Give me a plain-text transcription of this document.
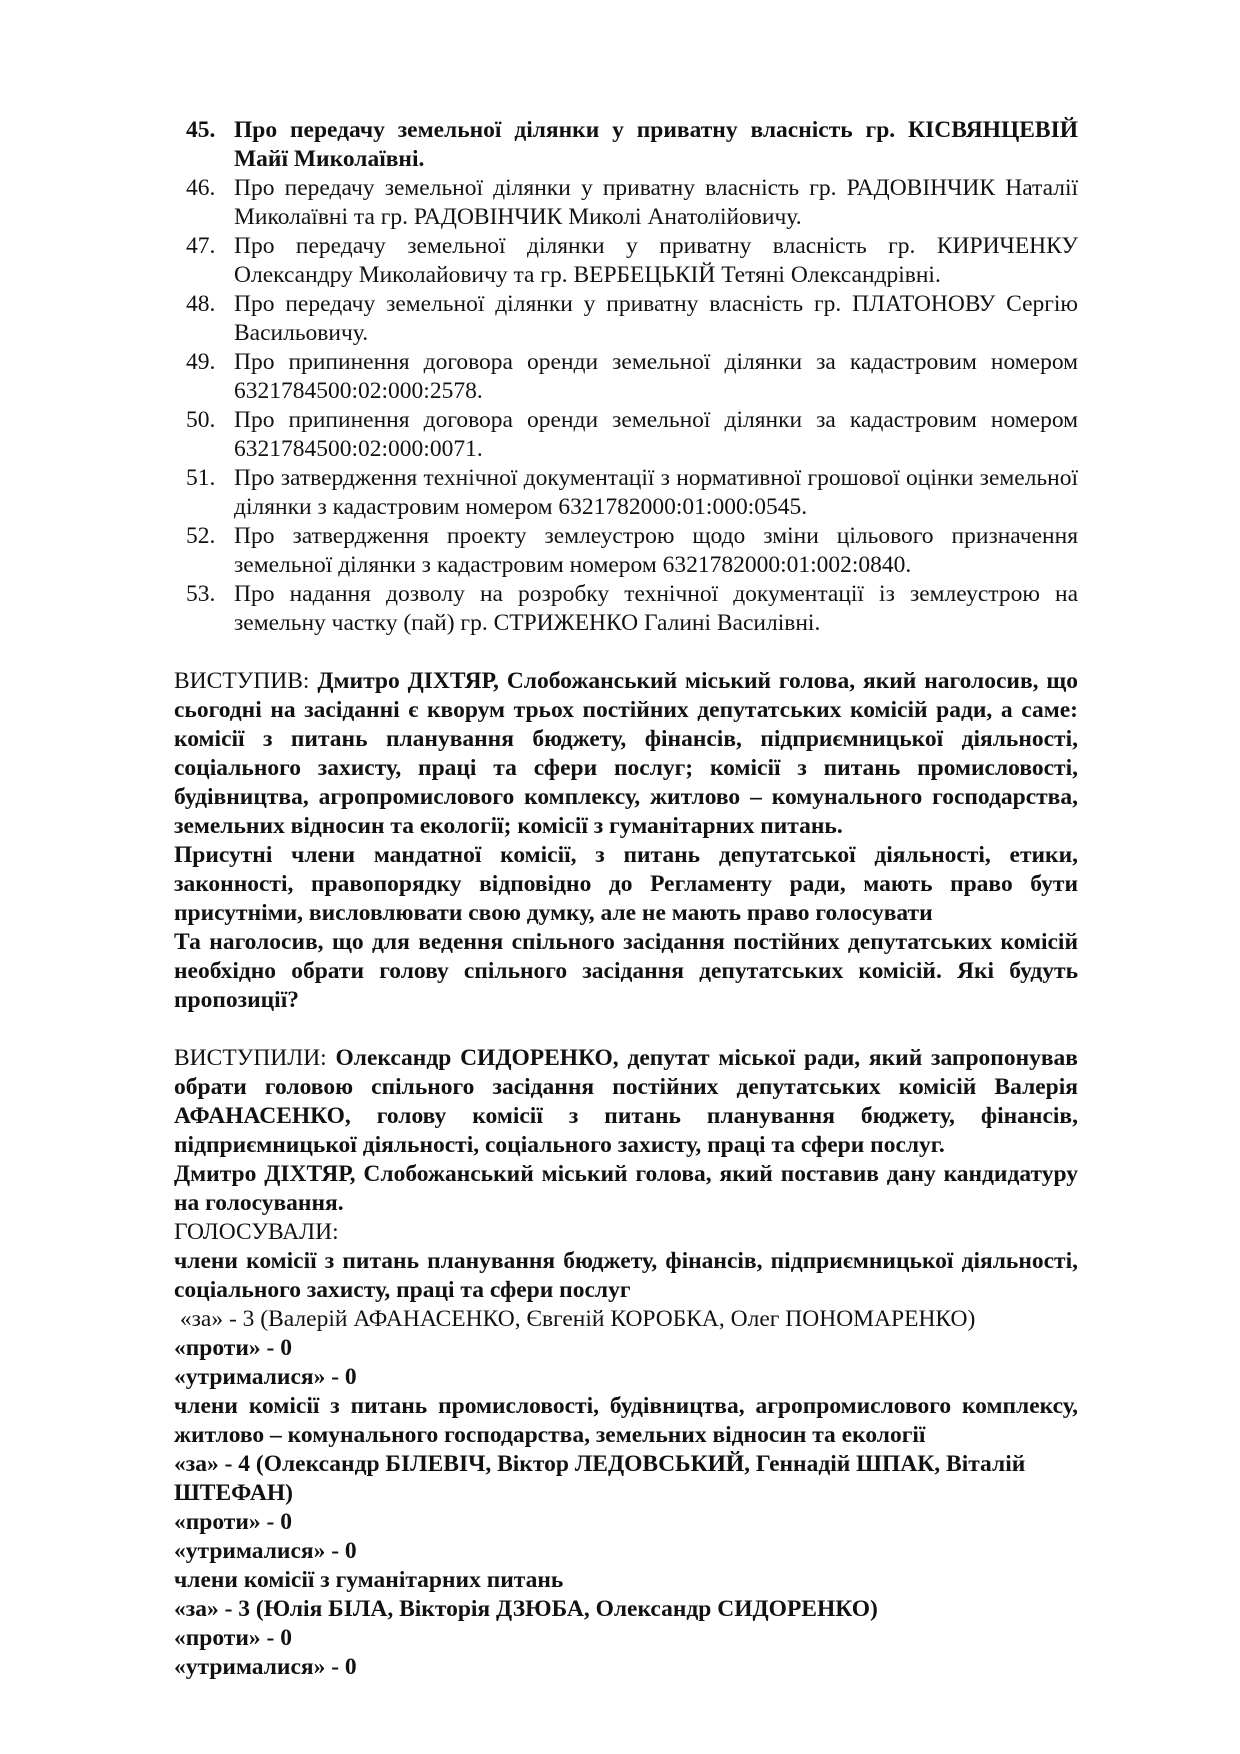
45. Про передачу земельної ділянки у приватну власність гр. КІСВЯНЦЕВІЙ Майї Миколаївні.
46. Про передачу земельної ділянки у приватну власність гр. РАДОВІНЧИК Наталії Миколаївні та гр. РАДОВІНЧИК Миколі Анатолійовичу.
47. Про передачу земельної ділянки у приватну власність гр. КИРИЧЕНКУ Олександру Миколайовичу та гр. ВЕРБЕЦЬКІЙ Тетяні Олександрівні.
48. Про передачу земельної ділянки у приватну власність гр. ПЛАТОНОВУ Сергію Васильовичу.
49. Про припинення договора оренди земельної ділянки за кадастровим номером 6321784500:02:000:2578.
50. Про припинення договора оренди земельної ділянки за кадастровим номером 6321784500:02:000:0071.
51. Про затвердження технічної документації з нормативної грошової оцінки земельної ділянки з кадастровим номером 6321782000:01:000:0545.
52. Про затвердження проекту землеустрою щодо зміни цільового призначення земельної ділянки з кадастровим номером 6321782000:01:002:0840.
53. Про надання дозволу на розробку технічної документації із землеустрою на земельну частку (пай) гр. СТРИЖЕНКО Галині Василівні.

ВИСТУПИВ: Дмитро ДІХТЯР, Слобожанський міський голова, який наголосив, що сьогодні на засіданні є кворум трьох постійних депутатських комісій ради, а саме: комісії з питань планування бюджету, фінансів, підприємницької діяльності, соціального захисту, праці та сфери послуг; комісії з питань промисловості, будівництва, агропромислового комплексу, житлово – комунального господарства, земельних відносин та екології; комісії з гуманітарних питань.

Присутні члени мандатної комісії, з питань депутатської діяльності, етики, законності, правопорядку відповідно до Регламенту ради, мають право бути присутніми, висловлювати свою думку, але не мають право голосувати

Та наголосив, що для ведення спільного засідання постійних депутатських комісій необхідно обрати голову спільного засідання депутатських комісій. Які будуть пропозиції?

ВИСТУПИЛИ: Олександр СИДОРЕНКО, депутат міської ради, який запропонував обрати головою спільного засідання постійних депутатських комісій Валерія АФАНАСЕНКО, голову комісії з питань планування бюджету, фінансів, підприємницької діяльності, соціального захисту, праці та сфери послуг.

Дмитро ДІХТЯР, Слобожанський міський голова, який поставив дану кандидатуру на голосування.

ГОЛОСУВАЛИ:

члени комісії з питань планування бюджету, фінансів, підприємницької діяльності, соціального захисту, праці та сфери послуг

«за» - 3 (Валерій АФАНАСЕНКО, Євгеній КОРОБКА, Олег ПОНОМАРЕНКО)
«проти» - 0
«утрималися» - 0

члени комісії з питань промисловості, будівництва, агропромислового комплексу, житлово – комунального господарства, земельних відносин та екології

«за» - 4 (Олександр БІЛЕВІЧ, Віктор ЛЕДОВСЬКИЙ, Геннадій ШПАК, Віталій ШТЕФАН)
«проти» - 0
«утрималися» - 0

члени комісії з гуманітарних питань

«за» - 3 (Юлія БІЛА, Вікторія ДЗЮБА, Олександр СИДОРЕНКО)
«проти» - 0
«утрималися» - 0
